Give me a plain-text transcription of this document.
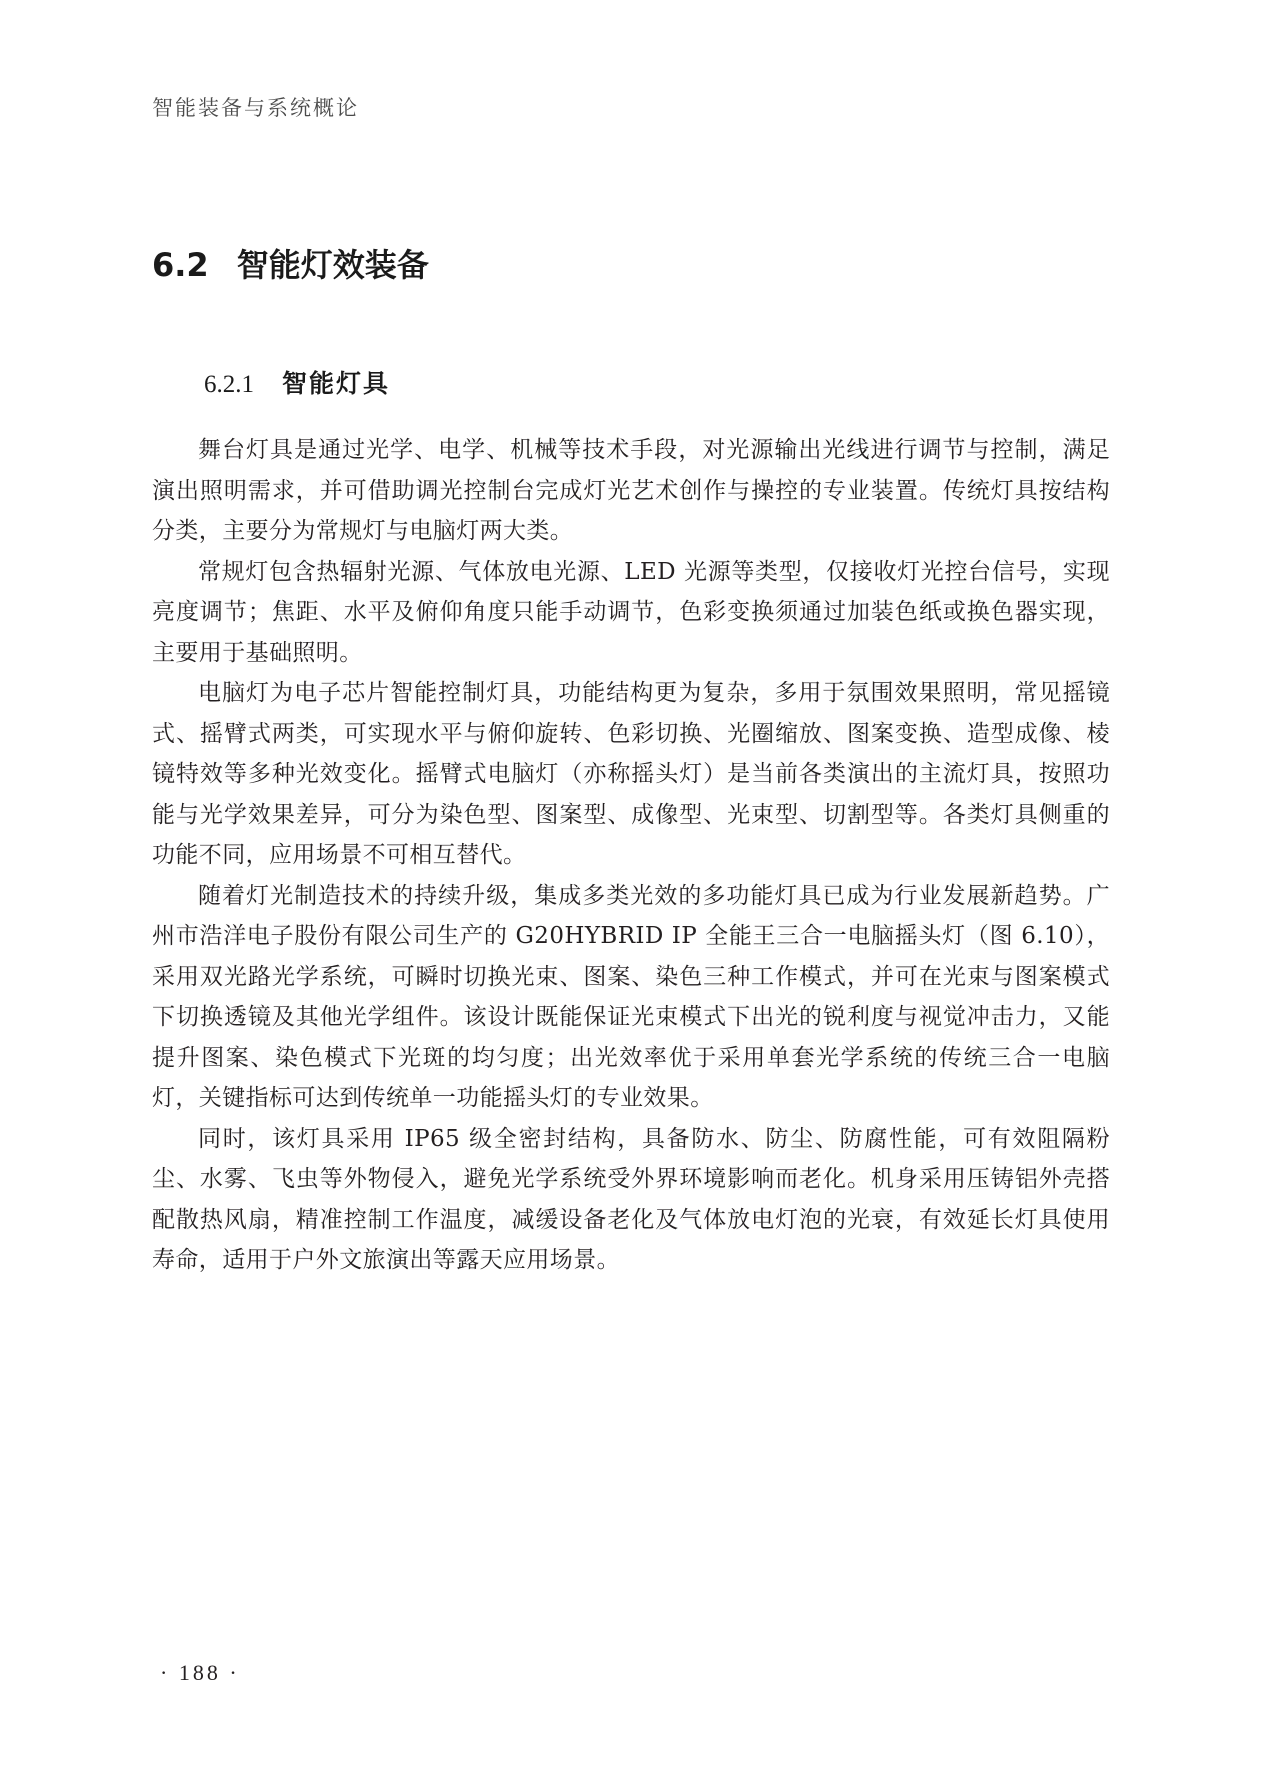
智能装备与系统概论
6.2 智能灯效装备
6.2.1 智能灯具

舞台灯具是通过光学、电学、机械等技术手段，对光源输出光线进行调节与控制，满足演出照明需求，并可借助调光控制台完成灯光艺术创作与操控的专业装置。传统灯具按结构分类，主要分为常规灯与电脑灯两大类。

常规灯包含热辐射光源、气体放电光源、LED 光源等类型，仅接收灯光控台信号，实现亮度调节；焦距、水平及俯仰角度只能手动调节，色彩变换须通过加装色纸或换色器实现，主要用于基础照明。

电脑灯为电子芯片智能控制灯具，功能结构更为复杂，多用于氛围效果照明，常见摇镜式、摇臂式两类，可实现水平与俯仰旋转、色彩切换、光圈缩放、图案变换、造型成像、棱镜特效等多种光效变化。摇臂式电脑灯（亦称摇头灯）是当前各类演出的主流灯具，按照功能与光学效果差异，可分为染色型、图案型、成像型、光束型、切割型等。各类灯具侧重的功能不同，应用场景不可相互替代。

随着灯光制造技术的持续升级，集成多类光效的多功能灯具已成为行业发展新趋势。广州市浩洋电子股份有限公司生产的 G20HYBRID IP 全能王三合一电脑摇头灯（图 6.10），采用双光路光学系统，可瞬时切换光束、图案、染色三种工作模式，并可在光束与图案模式下切换透镜及其他光学组件。该设计既能保证光束模式下出光的锐利度与视觉冲击力，又能提升图案、染色模式下光斑的均匀度；出光效率优于采用单套光学系统的传统三合一电脑灯，关键指标可达到传统单一功能摇头灯的专业效果。

同时，该灯具采用 IP65 级全密封结构，具备防水、防尘、防腐性能，可有效阻隔粉尘、水雾、飞虫等外物侵入，避免光学系统受外界环境影响而老化。机身采用压铸铝外壳搭配散热风扇，精准控制工作温度，减缓设备老化及气体放电灯泡的光衰，有效延长灯具使用寿命，适用于户外文旅演出等露天应用场景。

· 188 ·
